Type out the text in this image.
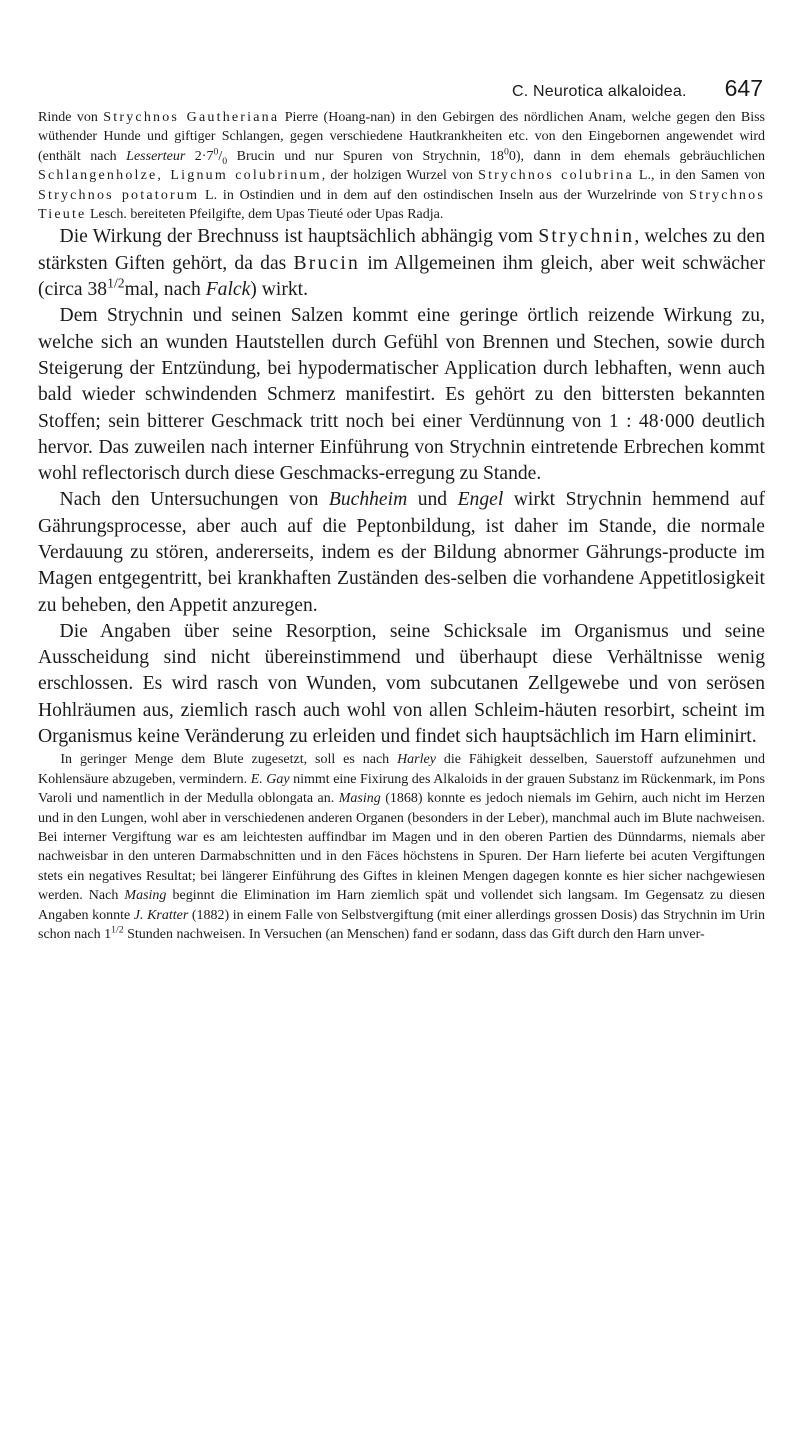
C. Neurotica alkaloidea. 647

Rinde von Strychnos Gautheriana Pierre (Hoang-nan) in den Gebirgen des nördlichen Anam, welche gegen den Biss wüthender Hunde und giftiger Schlangen, gegen verschiedene Hautkrankheiten etc. von den Eingebornen angewendet wird (enthält nach Lesserteur $2\cdot 7^0/_0$ Brucin und nur Spuren von Strychnin, $18^00$), dann in dem ehemals gebräuchlichen Schlangenholze, Lignum colubrinum, der holzigen Wurzel von Strychnos colubrina L., in den Samen von Strychnos potatorum L. in Ostindien und in dem auf den ostindischen Inseln aus der Wurzelrinde von Strychnos Tieute Lesch. bereiteten Pfeilgifte, dem Upas Tieuté oder Upas Radja.

Die Wirkung der Brechnuss ist hauptsächlich abhängig vom Strychnin, welches zu den stärksten Giften gehört, da das Brucin im Allgemeinen ihm gleich, aber weit schwächer (circa $38^{1/2}mal$, nach Falck) wirkt.

Dem Strychnin und seinen Salzen kommt eine geringe örtlich reizende Wirkung zu, welche sich an wunden Hautstellen durch Gefühl von Brennen und Stechen, sowie durch Steigerung der Entzündung, bei hypodermatischer Application durch lebhaften, wenn auch bald wieder schwindenden Schmerz manifestirt. Es gehört zu den bittersten bekannten Stoffen; sein bitterer Geschmack tritt noch bei einer Verdünnung von 1 : 48·000 deutlich hervor. Das zuweilen nach interner Einführung von Strychnin eintretende Erbrechen kommt wohl reflectorisch durch diese Geschmacks-erregung zu Stande.

Nach den Untersuchungen von Buchheim und Engel wirkt Strychnin hemmend auf Gährungsprocesse, aber auch auf die Peptonbildung, ist daher im Stande, die normale Verdauung zu stören, andererseits, indem es der Bildung abnormer Gährungs-producte im Magen entgegentritt, bei krankhaften Zuständen des-selben die vorhandene Appetitlosigkeit zu beheben, den Appetit anzuregen.

Die Angaben über seine Resorption, seine Schicksale im Organismus und seine Ausscheidung sind nicht übereinstimmend und überhaupt diese Verhältnisse wenig erschlossen. Es wird rasch von Wunden, vom subcutanen Zellgewebe und von serösen Hohlräumen aus, ziemlich rasch auch wohl von allen Schleim-häuten resorbirt, scheint im Organismus keine Veränderung zu erleiden und findet sich hauptsächlich im Harn eliminirt.

In geringer Menge dem Blute zugesetzt, soll es nach Harley die Fähigkeit desselben, Sauerstoff aufzunehmen und Kohlensäure abzugeben, vermindern. E. Gay nimmt eine Fixirung des Alkaloids in der grauen Substanz im Rückenmark, im Pons Varoli und namentlich in der Medulla oblongata an. Masing (1868) konnte es jedoch niemals im Gehirn, auch nicht im Herzen und in den Lungen, wohl aber in verschiedenen anderen Organen (besonders in der Leber), manchmal auch im Blute nachweisen. Bei interner Vergiftung war es am leichtesten auffindbar im Magen und in den oberen Partien des Dünndarms, niemals aber nachweisbar in den unteren Darmabschnitten und in den Fäces höchstens in Spuren. Der Harn lieferte bei acuten Vergiftungen stets ein negatives Resultat; bei längerer Einführung des Giftes in kleinen Mengen dagegen konnte es hier sicher nachgewiesen werden. Nach Masing beginnt die Elimination im Harn ziemlich spät und vollendet sich langsam. Im Gegensatz zu diesen Angaben konnte J. Kratter (1882) in einem Falle von Selbstvergiftung (mit einer allerdings grossen Dosis) das Strychnin im Urin schon nach $1^{1/2}$ Stunden nachweisen. In Versuchen (an Menschen) fand er sodann, dass das Gift durch den Harn unver-
